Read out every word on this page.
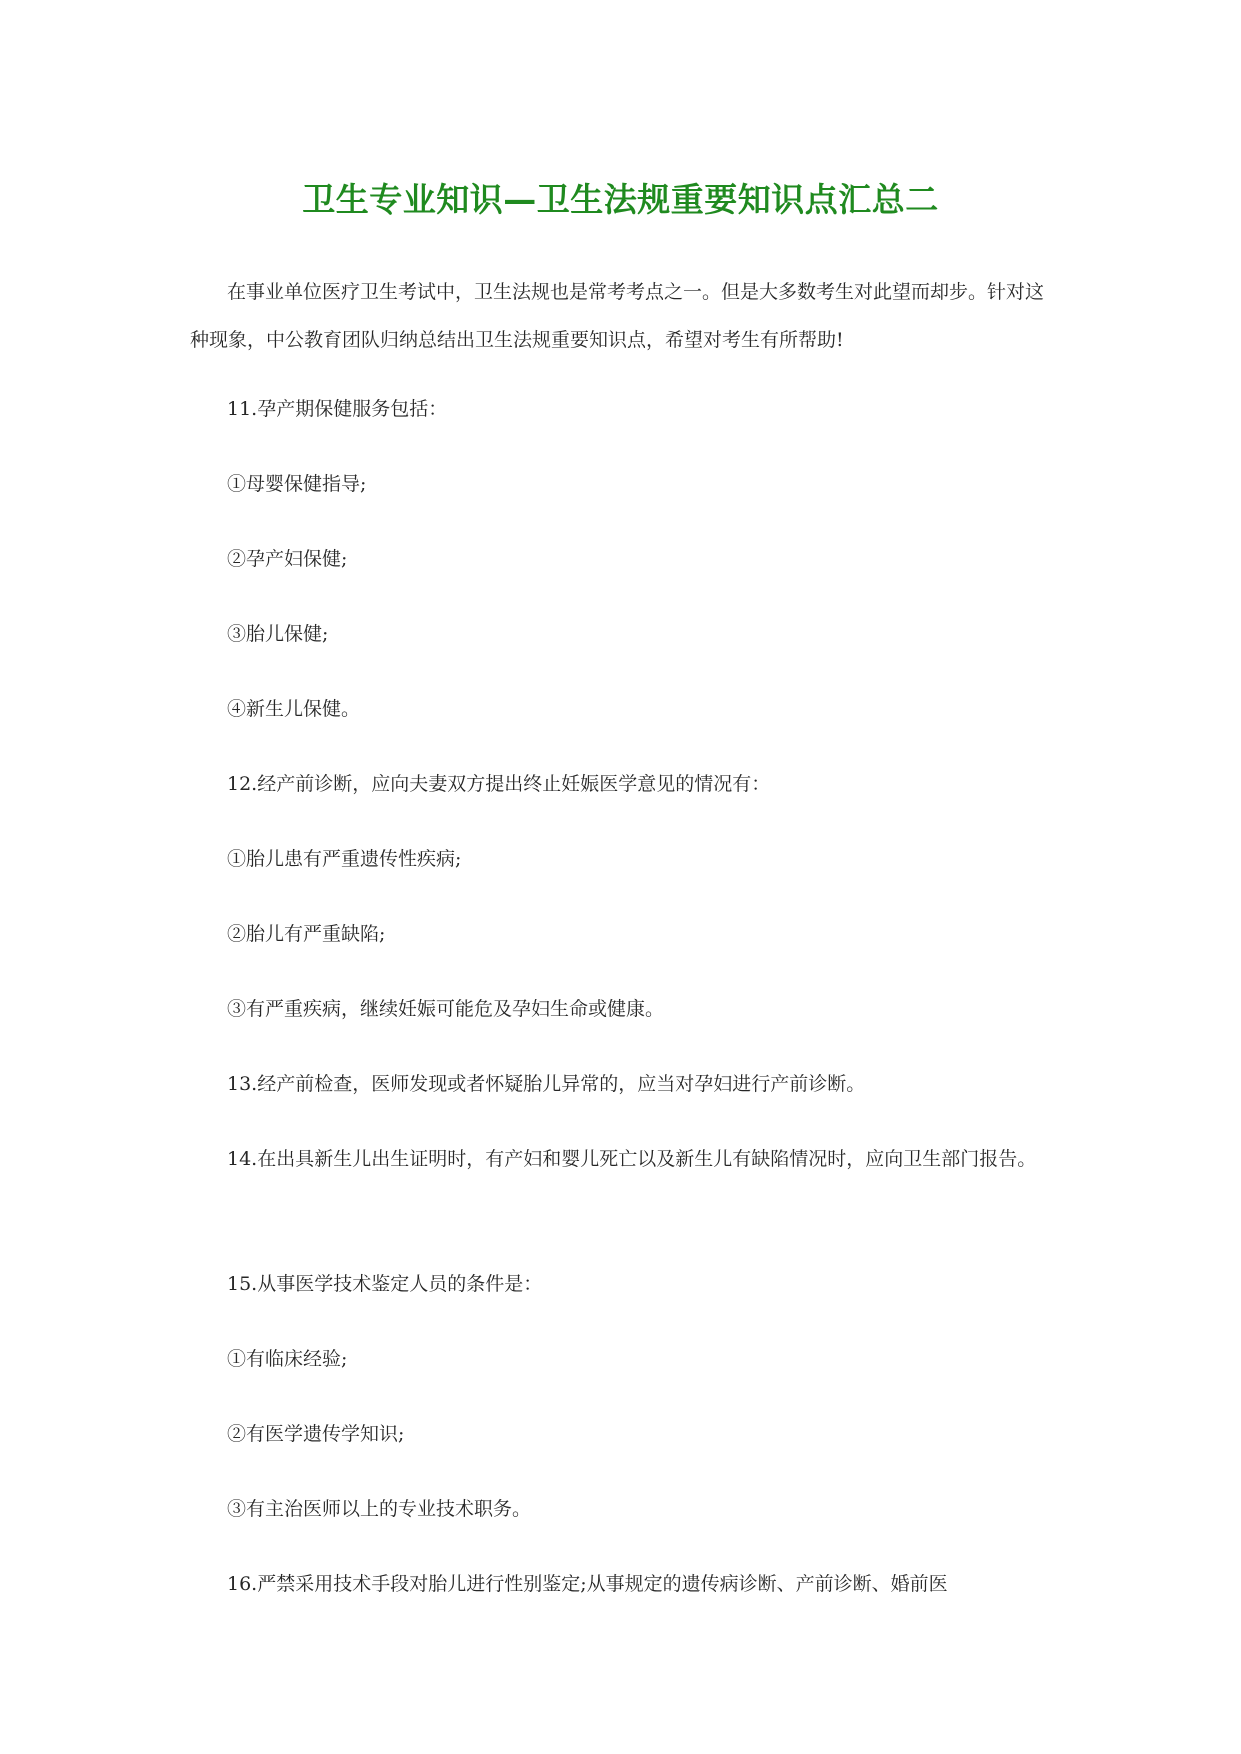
卫生专业知识—卫生法规重要知识点汇总二

在事业单位医疗卫生考试中，卫生法规也是常考考点之一。但是大多数考生对此望而却步。针对这种现象，中公教育团队归纳总结出卫生法规重要知识点，希望对考生有所帮助!

11.孕产期保健服务包括：

①母婴保健指导;

②孕产妇保健;

③胎儿保健;

④新生儿保健。

12.经产前诊断，应向夫妻双方提出终止妊娠医学意见的情况有：

①胎儿患有严重遗传性疾病;

②胎儿有严重缺陷;

③有严重疾病，继续妊娠可能危及孕妇生命或健康。

13.经产前检查，医师发现或者怀疑胎儿异常的，应当对孕妇进行产前诊断。

14.在出具新生儿出生证明时，有产妇和婴儿死亡以及新生儿有缺陷情况时，应向卫生部门报告。

15.从事医学技术鉴定人员的条件是：

①有临床经验;

②有医学遗传学知识;

③有主治医师以上的专业技术职务。

16.严禁采用技术手段对胎儿进行性别鉴定;从事规定的遗传病诊断、产前诊断、婚前医
